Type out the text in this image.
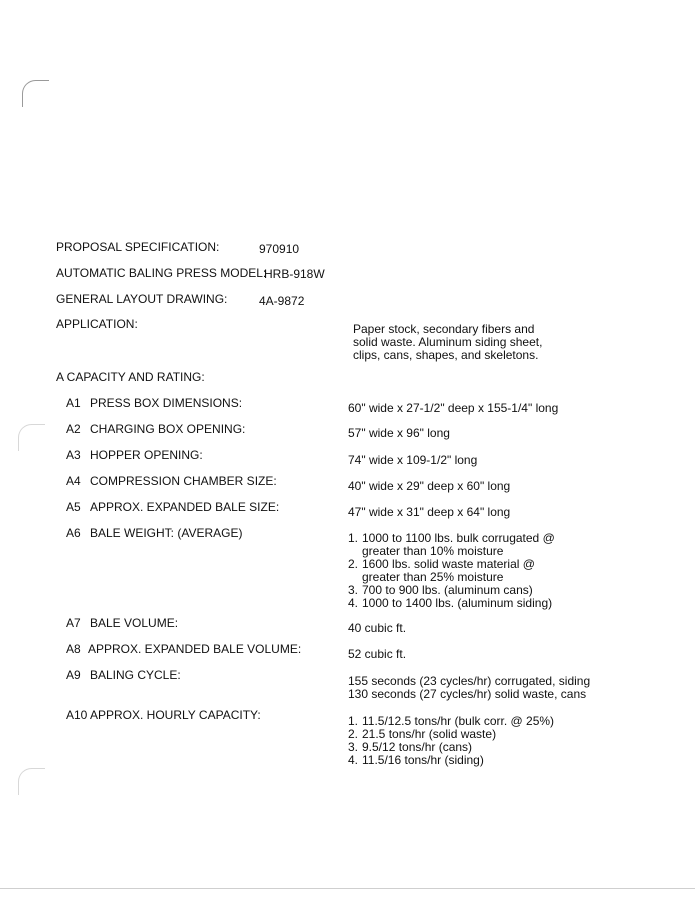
PROPOSAL SPECIFICATION:	970910
AUTOMATIC BALING PRESS MODEL:
HRB-918W
GENERAL LAYOUT DRAWING:	4A-9872
APPLICATION:	Paper stock, secondary fibers and
solid waste. Aluminum siding sheet,
clips, cans, shapes, and skeletons.
A CAPACITY AND RATING:
A1 PRESS BOX DIMENSIONS:	60" wide x 27-1/2" deep x 155-1/4" long
A2 CHARGING BOX OPENING:	57" wide x 96" long
A3 HOPPER OPENING:	74" wide x 109-1/2" long
A4 COMPRESSION CHAMBER SIZE:	40" wide x 29" deep x 60" long
A5 APPROX. EXPANDED BALE SIZE:	47" wide x 31" deep x 64" long
A6 BALE WEIGHT: (AVERAGE)	1. 1000 to 1100 lbs. bulk corrugated @
greater than 10% moisture
2. 1600 lbs. solid waste material @
greater than 25% moisture
3. 700 to 900 lbs. (aluminum cans)
4. 1000 to 1400 lbs. (aluminum siding)
A7 BALE VOLUME:	40 cubic ft.
A8 APPROX. EXPANDED BALE VOLUME:	52 cubic ft.
A9 BALING CYCLE:	155 seconds (23 cycles/hr) corrugated, siding
130 seconds (27 cycles/hr) solid waste, cans
A10 APPROX. HOURLY CAPACITY:	1. 11.5/12.5 tons/hr (bulk corr. @ 25%)
2. 21.5 tons/hr (solid waste)
3. 9.5/12 tons/hr (cans)
4. 11.5/16 tons/hr (siding)
